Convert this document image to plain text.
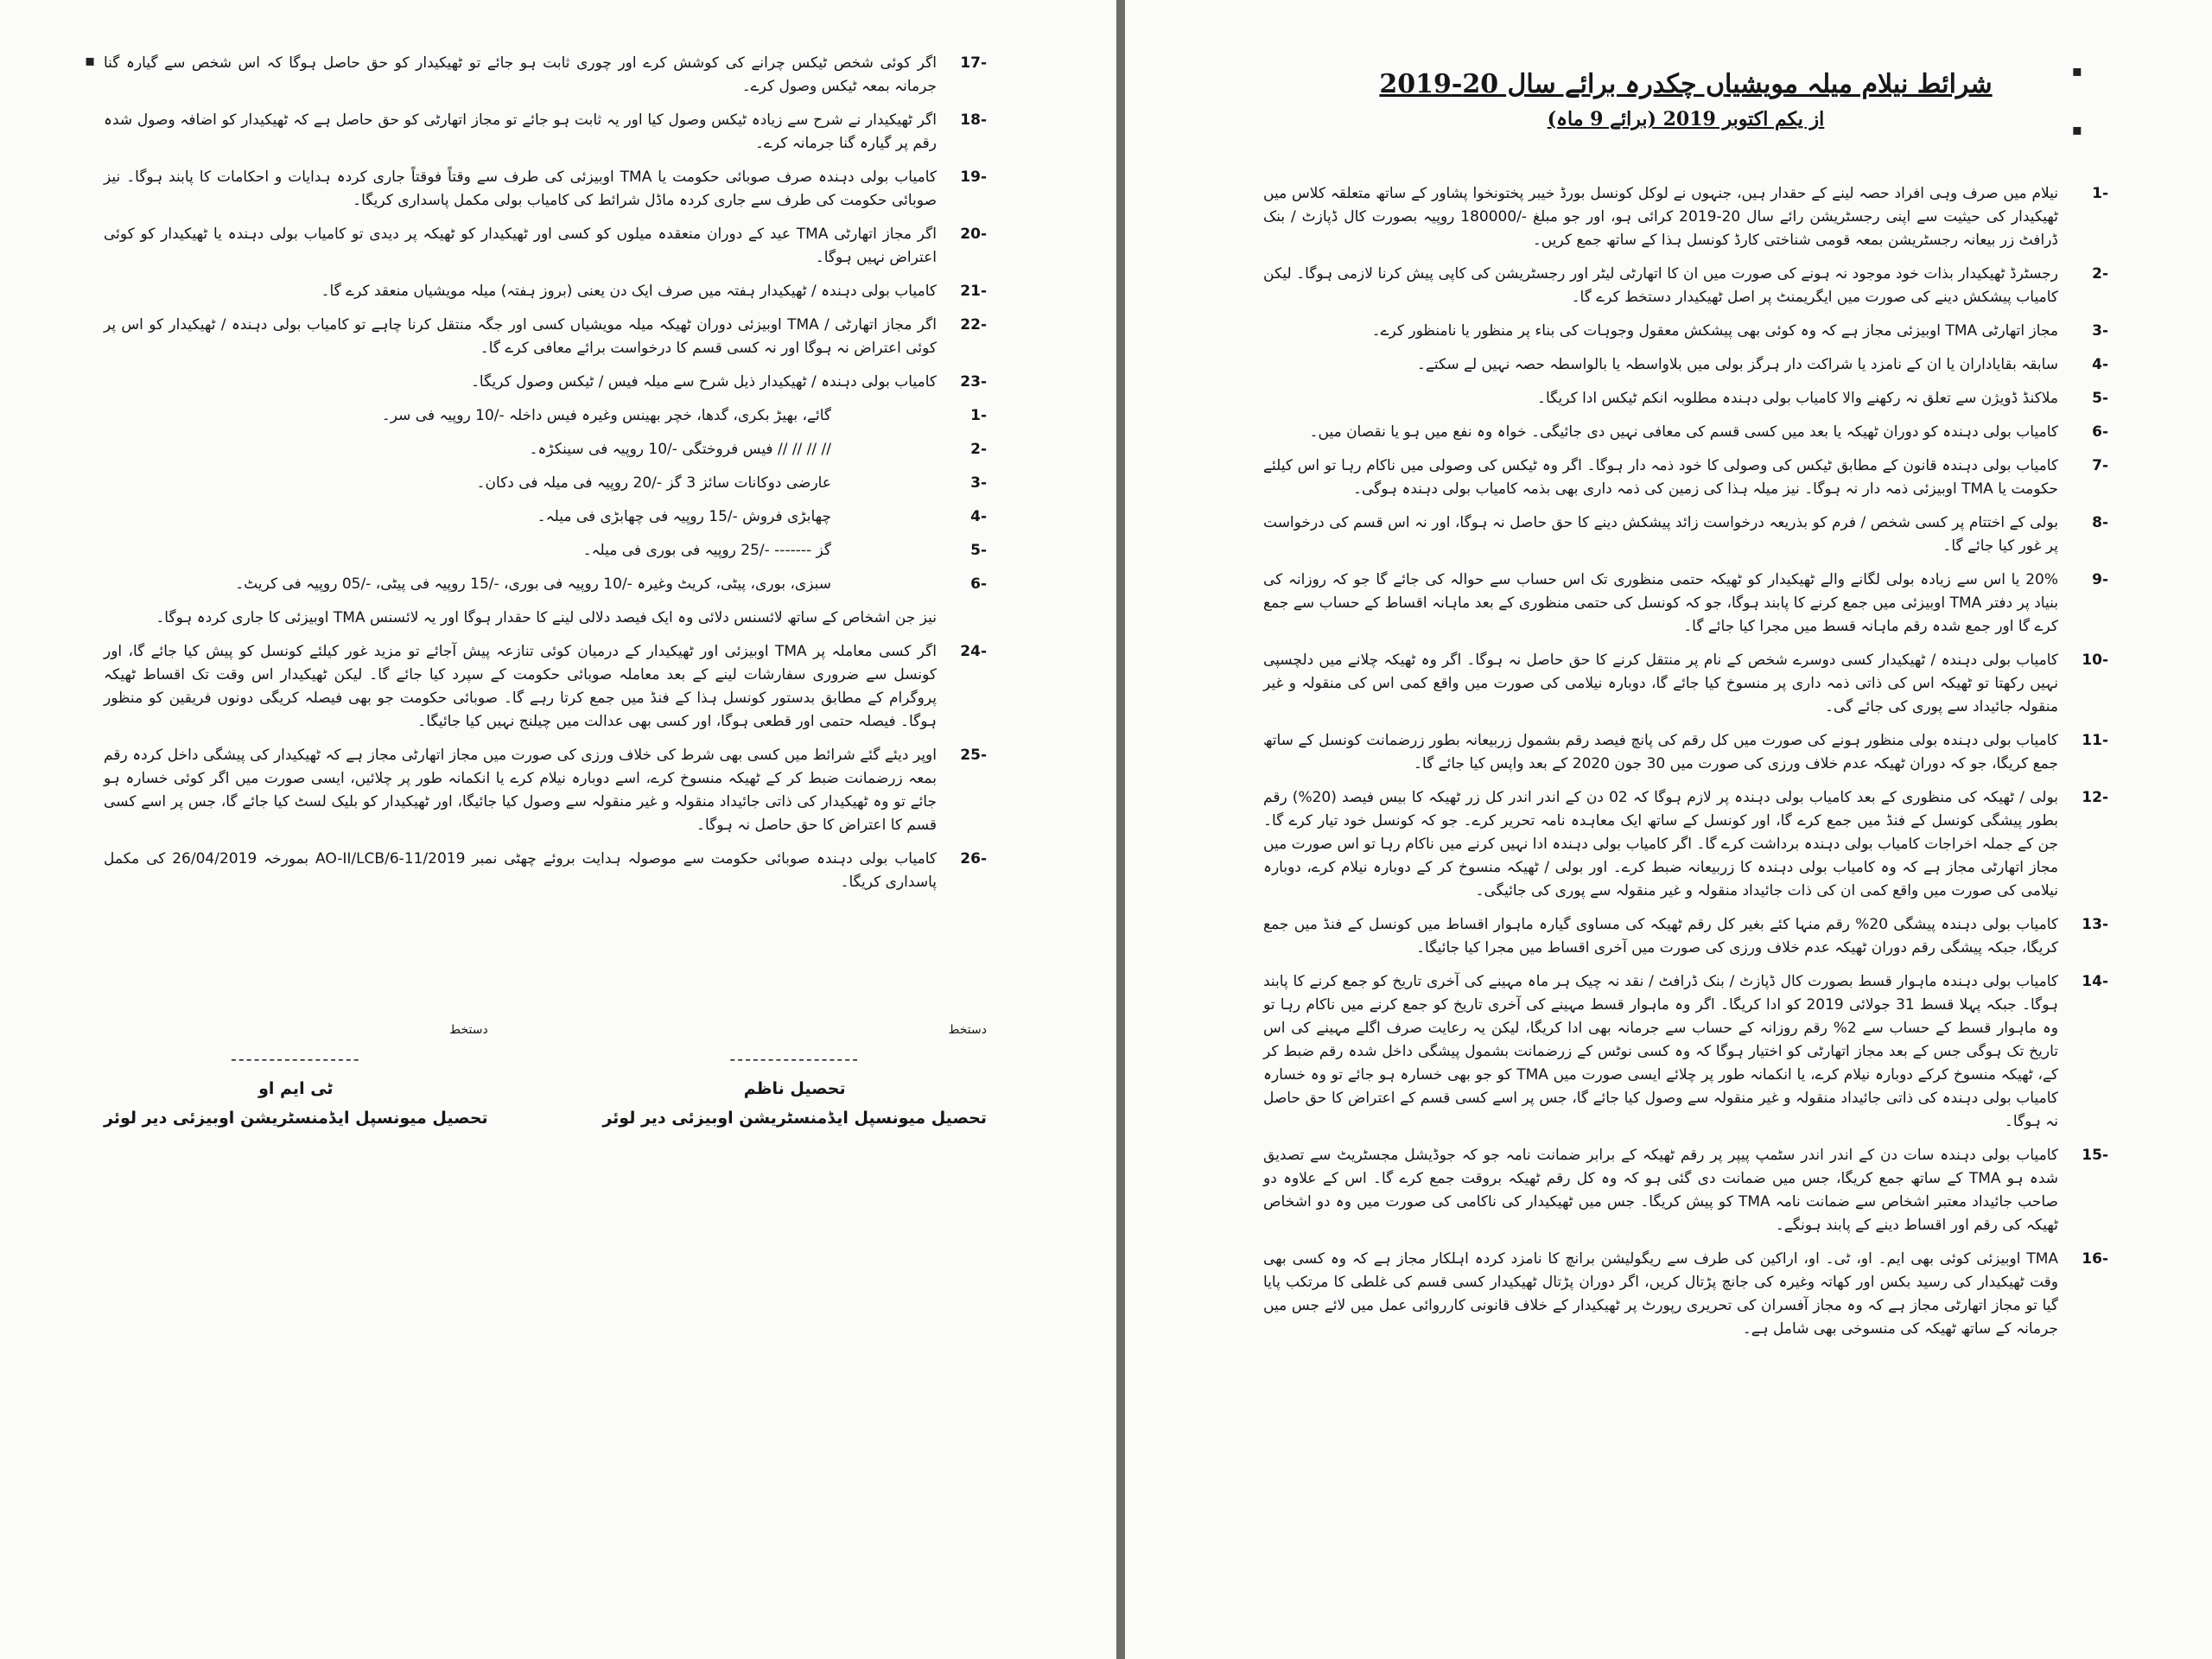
▪	17-
اگر کوئی شخص ٹیکس چرانے کی کوشش کرے اور چوری ثابت ہو جائے تو ٹھیکیدار کو حق حاصل ہوگا کہ اس شخص سے گیارہ گنا جرمانہ بمعہ ٹیکس وصول کرے۔
18-
اگر ٹھیکیدار نے شرح سے زیادہ ٹیکس وصول کیا اور یہ ثابت ہو جائے تو مجاز اتھارٹی کو حق حاصل ہے کہ ٹھیکیدار کو اضافہ وصول شدہ رقم پر گیارہ گنا جرمانہ کرے۔
19-
کامیاب بولی دہندہ صرف صوبائی حکومت یا TMA اوبیزئی کی طرف سے وقتاً فوقتاً جاری کردہ ہدایات و احکامات کا پابند ہوگا۔ نیز صوبائی حکومت کی طرف سے جاری کردہ ماڈل شرائط کی کامیاب بولی مکمل پاسداری کریگا۔
20-
اگر مجاز اتھارٹی TMA عید کے دوران منعقدہ میلوں کو کسی اور ٹھیکیدار کو ٹھیکہ پر دیدی تو کامیاب بولی دہندہ یا ٹھیکیدار کو کوئی اعتراض نہیں ہوگا۔
21-
کامیاب بولی دہندہ / ٹھیکیدار ہفتہ میں صرف ایک دن یعنی (بروز ہفتہ) میلہ مویشیاں منعقد کرے گا۔
22-
اگر مجاز اتھارٹی / TMA اوبیزئی دوران ٹھیکہ میلہ مویشیاں کسی اور جگہ منتقل کرنا چاہے تو کامیاب بولی دہندہ / ٹھیکیدار کو اس پر کوئی اعتراض نہ ہوگا اور نہ کسی قسم کا درخواست برائے معافی کرے گا۔
23-
کامیاب بولی دہندہ / ٹھیکیدار ذیل شرح سے میلہ فیس / ٹیکس وصول کریگا۔
1-
گائے، بھیڑ بکری، گدھا، خچر بھینس وغیرہ فیس داخلہ -/10 روپیہ فی سر۔
2-
// // // // فیس فروختگی -/10 روپیہ فی سینکڑہ۔
3-
عارضی دوکانات سائز 3 گز -/20 روپیہ فی میلہ فی دکان۔
4-
چھابڑی فروش -/15 روپیہ فی چھابڑی فی میلہ۔
5-
گز ------- -/25 روپیہ فی بوری فی میلہ۔
6-
سبزی، بوری، پیٹی، کریٹ وغیرہ -/10 روپیہ فی بوری، -/15 روپیہ فی پیٹی، -/05 روپیہ فی کریٹ۔
نیز جن اشخاص کے ساتھ لائسنس دلائی وہ ایک فیصد دلالی لینے کا حقدار ہوگا اور یہ لائسنس TMA اوبیزئی کا جاری کردہ ہوگا۔
24-
اگر کسی معاملہ پر TMA اوبیزئی اور ٹھیکیدار کے درمیان کوئی تنازعہ پیش آجائے تو مزید غور کیلئے کونسل کو پیش کیا جائے گا، اور کونسل سے ضروری سفارشات لینے کے بعد معاملہ صوبائی حکومت کے سپرد کیا جائے گا۔ لیکن ٹھیکیدار اس وقت تک اقساط ٹھیکہ پروگرام کے مطابق بدستور کونسل ہذا کے فنڈ میں جمع کرتا رہے گا۔ صوبائی حکومت جو بھی فیصلہ کریگی دونوں فریقین کو منظور ہوگا۔ فیصلہ حتمی اور قطعی ہوگا، اور کسی بھی عدالت میں چیلنج نہیں کیا جائیگا۔
25-
اوپر دیئے گئے شرائط میں کسی بھی شرط کی خلاف ورزی کی صورت میں مجاز اتھارٹی مجاز ہے کہ ٹھیکیدار کی پیشگی داخل کردہ رقم بمعہ زرضمانت ضبط کر کے ٹھیکہ منسوخ کرے، اسے دوبارہ نیلام کرے یا انکمانہ طور پر چلائیں، ایسی صورت میں اگر کوئی خسارہ ہو جائے تو وہ ٹھیکیدار کی ذاتی جائیداد منقولہ و غیر منقولہ سے وصول کیا جائیگا، اور ٹھیکیدار کو بلیک لسٹ کیا جائے گا، جس پر اسے کسی قسم کا اعتراض کا حق حاصل نہ ہوگا۔
26-
کامیاب بولی دہندہ صوبائی حکومت سے موصولہ ہدایت بروئے چھٹی نمبر AO-II/LCB/6-11/2019 بمورخہ 26/04/2019 کی مکمل پاسداری کریگا۔
دستخط
-----------------
تحصیل ناظم
تحصیل میونسپل ایڈمنسٹریشن اوبیزئی دیر لوئر
دستخط
-----------------
ٹی ایم او
تحصیل میونسپل ایڈمنسٹریشن اوبیزئی دیر لوئر
▪
▪
شرائط نیلام میلہ مویشیاں چکدرہ برائے سال 20-2019
از یکم اکتوبر 2019 (برائے 9 ماہ)
1-
نیلام میں صرف وہی افراد حصہ لینے کے حقدار ہیں، جنہوں نے لوکل کونسل بورڈ خیبر پختونخوا پشاور کے ساتھ متعلقہ کلاس میں ٹھیکیدار کی حیثیت سے اپنی رجسٹریشن رائے سال 20-2019 کرائی ہو، اور جو مبلغ -/180000 روپیہ بصورت کال ڈپازٹ / بنک ڈرافٹ زر بیعانہ رجسٹریشن بمعہ قومی شناختی کارڈ کونسل ہذا کے ساتھ جمع کریں۔
2-
رجسٹرڈ ٹھیکیدار بذات خود موجود نہ ہونے کی صورت میں ان کا اتھارٹی لیٹر اور رجسٹریشن کی کاپی پیش کرنا لازمی ہوگا۔ لیکن کامیاب پیشکش دینے کی صورت میں ایگریمنٹ پر اصل ٹھیکیدار دستخط کرے گا۔
3-
مجاز اتھارٹی TMA اوبیزئی مجاز ہے کہ وہ کوئی بھی پیشکش معقول وجوہات کی بناء پر منظور یا نامنظور کرے۔
4-
سابقہ بقایاداران یا ان کے نامزد یا شراکت دار ہرگز بولی میں بلاواسطہ یا بالواسطہ حصہ نہیں لے سکتے۔
5-
ملاکنڈ ڈویژن سے تعلق نہ رکھنے والا کامیاب بولی دہندہ مطلوبہ انکم ٹیکس ادا کریگا۔
6-
کامیاب بولی دہندہ کو دوران ٹھیکہ یا بعد میں کسی قسم کی معافی نہیں دی جائیگی۔ خواہ وہ نفع میں ہو یا نقصان میں۔
7-
کامیاب بولی دہندہ قانون کے مطابق ٹیکس کی وصولی کا خود ذمہ دار ہوگا۔ اگر وہ ٹیکس کی وصولی میں ناکام رہا تو اس کیلئے حکومت یا TMA اوبیزئی ذمہ دار نہ ہوگا۔ نیز میلہ ہذا کی زمین کی ذمہ داری بھی بذمہ کامیاب بولی دہندہ ہوگی۔
8-
بولی کے اختتام پر کسی شخص / فرم کو بذریعہ درخواست زائد پیشکش دینے کا حق حاصل نہ ہوگا، اور نہ اس قسم کی درخواست پر غور کیا جائے گا۔
9-
20% یا اس سے زیادہ بولی لگانے والے ٹھیکیدار کو ٹھیکہ حتمی منظوری تک اس حساب سے حوالہ کی جائے گا جو کہ روزانہ کی بنیاد پر دفتر TMA اوبیزئی میں جمع کرنے کا پابند ہوگا، جو کہ کونسل کی حتمی منظوری کے بعد ماہانہ اقساط کے حساب سے جمع کرے گا اور جمع شدہ رقم ماہانہ قسط میں مجرا کیا جائے گا۔
10-
کامیاب بولی دہندہ / ٹھیکیدار کسی دوسرے شخص کے نام پر منتقل کرنے کا حق حاصل نہ ہوگا۔ اگر وہ ٹھیکہ چلانے میں دلچسپی نہیں رکھتا تو ٹھیکہ اس کی ذاتی ذمہ داری پر منسوخ کیا جائے گا، دوبارہ نیلامی کی صورت میں واقع کمی اس کی منقولہ و غیر منقولہ جائیداد سے پوری کی جائے گی۔
11-
کامیاب بولی دہندہ بولی منظور ہونے کی صورت میں کل رقم کی پانچ فیصد رقم بشمول زربیعانہ بطور زرضمانت کونسل کے ساتھ جمع کریگا، جو کہ دوران ٹھیکہ عدم خلاف ورزی کی صورت میں 30 جون 2020 کے بعد واپس کیا جائے گا۔
12-
بولی / ٹھیکہ کی منظوری کے بعد کامیاب بولی دہندہ پر لازم ہوگا کہ 02 دن کے اندر اندر کل زر ٹھیکہ کا بیس فیصد (20%) رقم بطور پیشگی کونسل کے فنڈ میں جمع کرے گا، اور کونسل کے ساتھ ایک معاہدہ نامہ تحریر کرے۔ جو کہ کونسل خود تیار کرے گا۔ جن کے جملہ اخراجات کامیاب بولی دہندہ برداشت کرے گا۔ اگر کامیاب بولی دہندہ ادا نہیں کرنے میں ناکام رہا تو اس صورت میں مجاز اتھارٹی مجاز ہے کہ وہ کامیاب بولی دہندہ کا زربیعانہ ضبط کرے۔ اور بولی / ٹھیکہ منسوخ کر کے دوبارہ نیلام کرے، دوبارہ نیلامی کی صورت میں واقع کمی ان کی ذات جائیداد منقولہ و غیر منقولہ سے پوری کی جائیگی۔
13-
کامیاب بولی دہندہ پیشگی 20% رقم منہا کئے بغیر کل رقم ٹھیکہ کی مساوی گیارہ ماہوار اقساط میں کونسل کے فنڈ میں جمع کریگا، جبکہ پیشگی رقم دوران ٹھیکہ عدم خلاف ورزی کی صورت میں آخری اقساط میں مجرا کیا جائیگا۔
14-
کامیاب بولی دہندہ ماہوار قسط بصورت کال ڈپازٹ / بنک ڈرافٹ / نقد نہ چیک ہر ماہ مہینے کی آخری تاریخ کو جمع کرنے کا پابند ہوگا۔ جبکہ پہلا قسط 31 جولائی 2019 کو ادا کریگا۔ اگر وہ ماہوار قسط مہینے کی آخری تاریخ کو جمع کرنے میں ناکام رہا تو وہ ماہوار قسط کے حساب سے 2% رقم روزانہ کے حساب سے جرمانہ بھی ادا کریگا، لیکن یہ رعایت صرف اگلے مہینے کی اس تاریخ تک ہوگی جس کے بعد مجاز اتھارٹی کو اختیار ہوگا کہ وہ کسی نوٹس کے زرضمانت بشمول پیشگی داخل شدہ رقم ضبط کر کے، ٹھیکہ منسوخ کرکے دوبارہ نیلام کرے، یا انکمانہ طور پر چلائے ایسی صورت میں TMA کو جو بھی خسارہ ہو جائے تو وہ خسارہ کامیاب بولی دہندہ کی ذاتی جائیداد منقولہ و غیر منقولہ سے وصول کیا جائے گا، جس پر اسے کسی قسم کے اعتراض کا حق حاصل نہ ہوگا۔
15-
کامیاب بولی دہندہ سات دن کے اندر اندر سٹمپ پیپر پر رقم ٹھیکہ کے برابر ضمانت نامہ جو کہ جوڈیشل مجسٹریٹ سے تصدیق شدہ ہو TMA کے ساتھ جمع کریگا، جس میں ضمانت دی گئی ہو کہ وہ کل رقم ٹھیکہ بروقت جمع کرے گا۔ اس کے علاوہ دو صاحب جائیداد معتبر اشخاص سے ضمانت نامہ TMA کو پیش کریگا۔ جس میں ٹھیکیدار کی ناکامی کی صورت میں وہ دو اشخاص ٹھیکہ کی رقم اور اقساط دینے کے پابند ہونگے۔
16-
TMA اوبیزئی کوئی بھی ایم۔ او، ٹی۔ او، اراکین کی طرف سے ریگولیشن برانچ کا نامزد کردہ اہلکار مجاز ہے کہ وہ کسی بھی وقت ٹھیکیدار کی رسید بکس اور کھاتہ وغیرہ کی جانچ پڑتال کریں، اگر دوران پڑتال ٹھیکیدار کسی قسم کی غلطی کا مرتکب پایا گیا تو مجاز اتھارٹی مجاز ہے کہ وہ مجاز آفسران کی تحریری رپورٹ پر ٹھیکیدار کے خلاف قانونی کارروائی عمل میں لائے جس میں جرمانہ کے ساتھ ٹھیکہ کی منسوخی بھی شامل ہے۔
